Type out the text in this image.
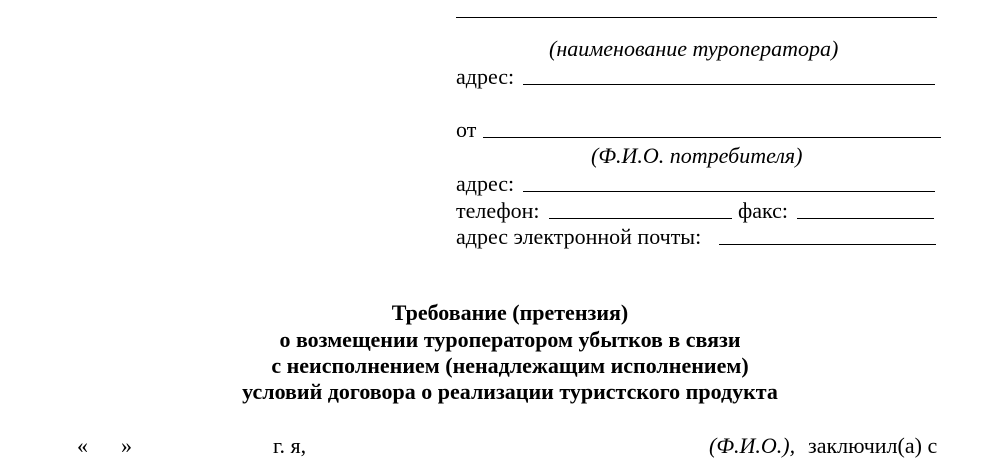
(наименование туроператора)
адрес:
от
(Ф.И.О. потребителя)
адрес:
телефон:	факс:
адрес электронной почты:
Требование (претензия)
о возмещении туроператором убытков в связи
с неисполнением (ненадлежащим исполнением)
условий договора о реализации туристского продукта
« »	г. я,	(Ф.И.О.), заключил(а) с
